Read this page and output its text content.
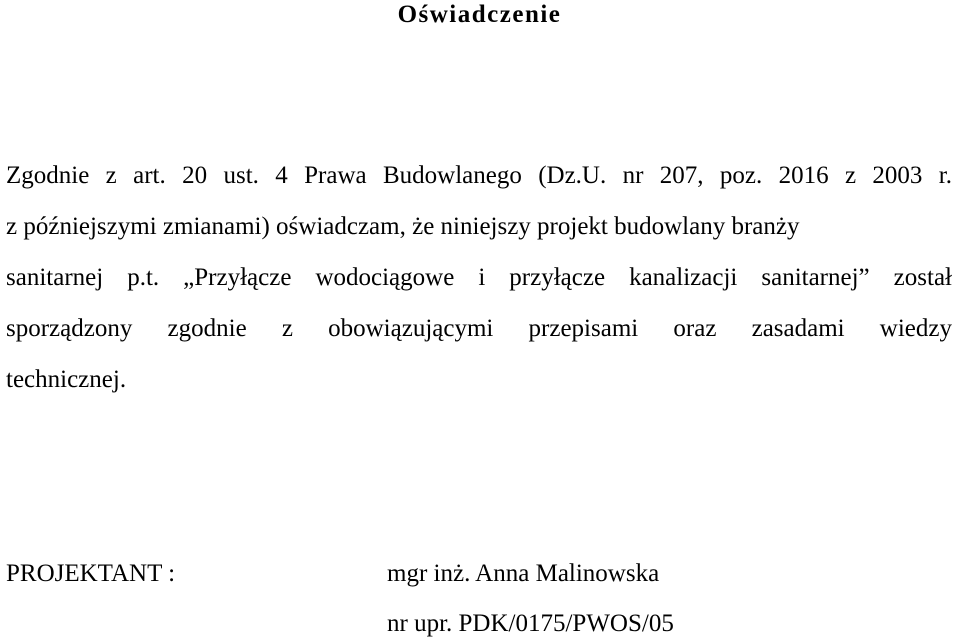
Oświadczenie
Zgodnie z art. 20 ust. 4 Prawa Budowlanego (Dz.U. nr 207, poz. 2016 z 2003 r.
z późniejszymi zmianami) oświadczam, że niniejszy projekt budowlany branży
sanitarnej p.t. „Przyłącze wodociągowe i przyłącze kanalizacji sanitarnej” został
sporządzony zgodnie z obowiązującymi przepisami oraz zasadami wiedzy
technicznej.
PROJEKTANT :	mgr inż. Anna Malinowska
nr upr. PDK/0175/PWOS/05
